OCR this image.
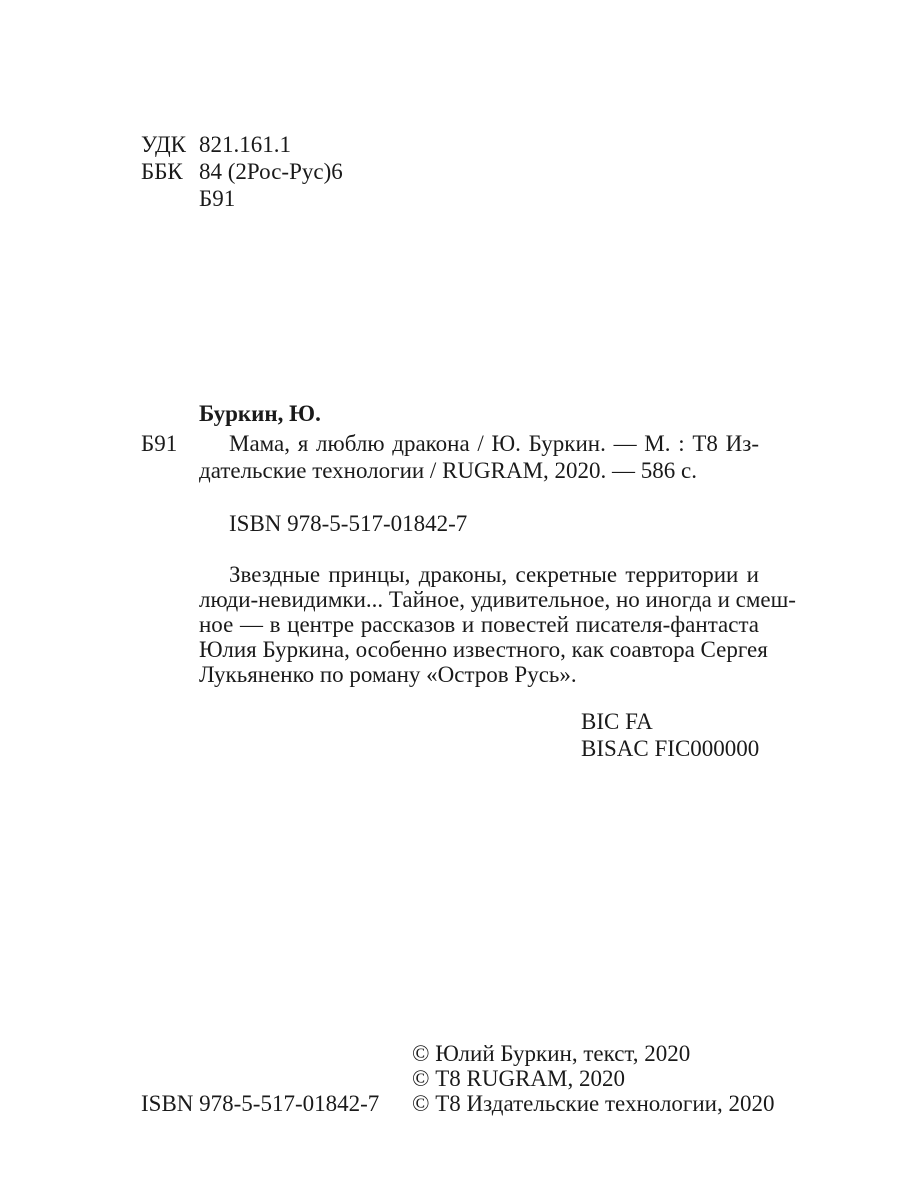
УДК 821.161.1
ББК 84 (2Рос-Рус)6
Б91
Буркин, Ю.
Б91 Мама, я люблю дракона / Ю. Буркин. — М. : Т8 Из-
дательские технологии / RUGRAM, 2020. — 586 с.
ISBN 978-5-517-01842-7
Звездные принцы, драконы, секретные территории и
люди-невидимки... Тайное, удивительное, но иногда и смеш-
ное — в центре рассказов и повестей писателя-фантаста
Юлия Буркина, особенно известного, как соавтора Сергея
Лукьяненко по роману «Остров Русь».
BIC FA
BISAC FIC000000
ISBN 978-5-517-01842-7
© Юлий Буркин, текст, 2020
© Т8 RUGRAM, 2020
© Т8 Издательские технологии, 2020
